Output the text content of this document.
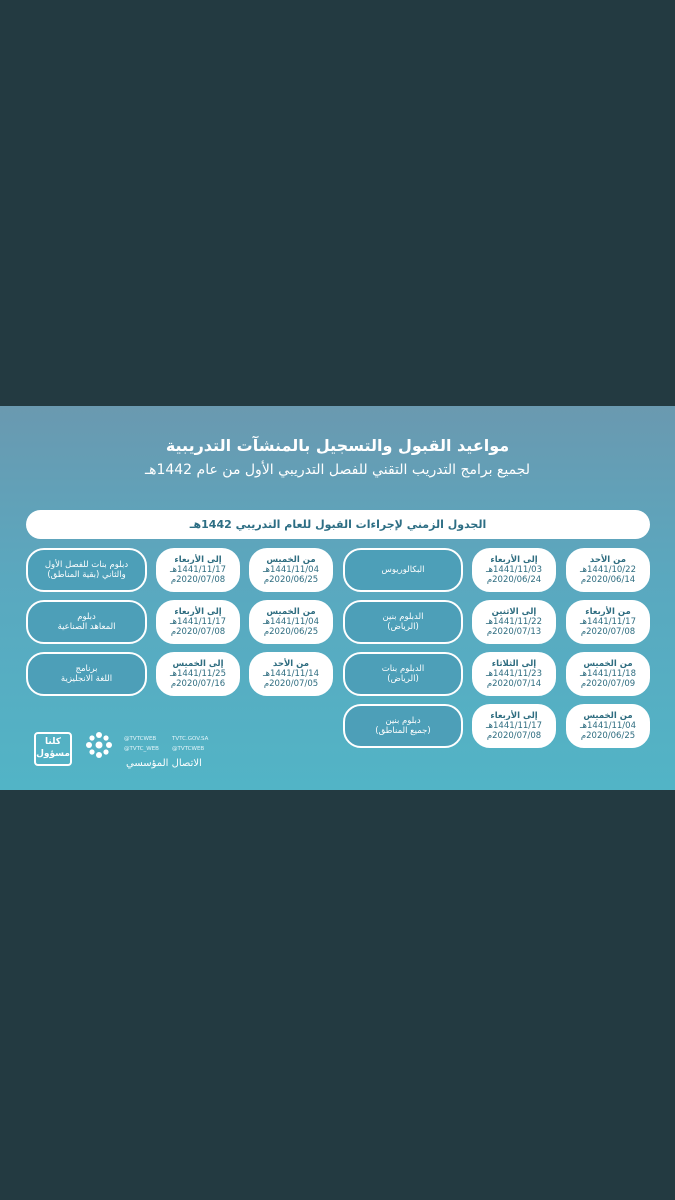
مواعيد القبول والتسجيل بالمنشآت التدريبية
لجميع برامج التدريب التقني للفصل التدريبي الأول من عام 1442هـ
الجدول الزمني لإجراءات القبول للعام التدريبي 1442هـ
من الأحد
1441/10/22هـ
2020/06/14م
إلى الأربعاء
1441/11/03هـ
2020/06/24م
البكالوريوس
من الأربعاء
1441/11/17هـ
2020/07/08م
إلى الاثنين
1441/11/22هـ
2020/07/13م
الدبلوم بنين
(الرياض)
من الخميس
1441/11/18هـ
2020/07/09م
إلى الثلاثاء
1441/11/23هـ
2020/07/14م
الدبلوم بنات
(الرياض)
من الخميس
1441/11/04هـ
2020/06/25م
إلى الأربعاء
1441/11/17هـ
2020/07/08م
دبلوم بنين
(جميع المناطق)
من الخميس
1441/11/04هـ
2020/06/25م
إلى الأربعاء
1441/11/17هـ
2020/07/08م
دبلوم بنات للفصل الأول
والثاني (بقية المناطق)
من الخميس
1441/11/04هـ
2020/06/25م
إلى الأربعاء
1441/11/17هـ
2020/07/08م
دبلوم
المعاهد الصناعية
من الأحد
1441/11/14هـ
2020/07/05م
إلى الخميس
1441/11/25هـ
2020/07/16م
برنامج
اللغة الانجليزية
كلنا
مسؤول
@TVTCWEB	TVTC.GOV.SA
@TVTC_WEB @TVTCWEB
الاتصال المؤسسي
